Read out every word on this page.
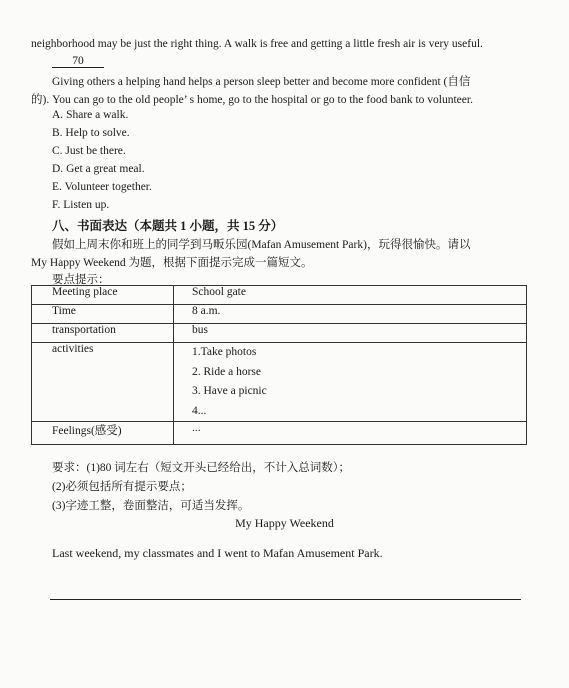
neighborhood may be just the right thing. A walk is free and getting a little fresh air is very useful.
70
Giving others a helping hand helps a person sleep better and become more confident (自信
的). You can go to the old people’ s home, go to the hospital or go to the food bank to volunteer.
A. Share a walk.
B. Help to solve.
C. Just be there.
D. Get a great meal.
E. Volunteer together.
F. Listen up.
八、书面表达（本题共 1 小题，共 15 分）
假如上周末你和班上的同学到马畈乐园(Mafan Amusement Park)，玩得很愉快。请以
My Happy Weekend 为题，根据下面提示完成一篇短文。
要点提示：
Meeting place	School gate
Time	8 a.m.
transportation	bus
activities	1.Take photos
2. Ride a horse
3. Have a picnic
4...

Feelings(感受)	...
要求：(1)80 词左右（短文开头已经给出，不计入总词数）；
(2)必须包括所有提示要点；
(3)字迹工整，卷面整洁，可适当发挥。
My Happy Weekend
Last weekend, my classmates and I went to Mafan Amusement Park.
